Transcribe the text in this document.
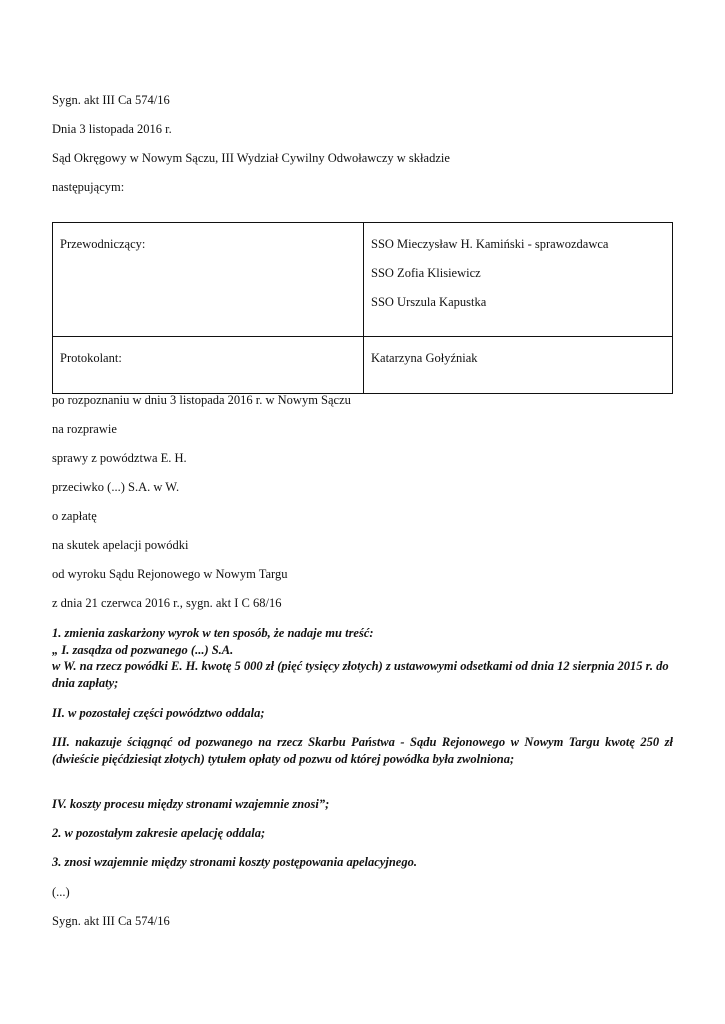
Sygn. akt III Ca 574/16
Dnia 3 listopada 2016 r.
Sąd Okręgowy w Nowym Sączu, III Wydział Cywilny Odwoławczy w składzie
następującym:

Przewodniczący:	SSO Mieczysław H. Kamiński - sprawozdawca

SSO Zofia Klisiewicz

SSO Urszula Kapustka

Protokolant:	Katarzyna Gołyźniak

po rozpoznaniu w dniu 3 listopada 2016 r. w Nowym Sączu
na rozprawie
sprawy z powództwa E. H.
przeciwko (...) S.A. w W.
o zapłatę
na skutek apelacji powódki
od wyroku Sądu Rejonowego w Nowym Targu
z dnia 21 czerwca 2016 r., sygn. akt I C 68/16

1. zmienia zaskarżony wyrok w ten sposób, że nadaje mu treść:

„ I. zasądza od pozwanego (...) S.A.

w W. na rzecz powódki E. H. kwotę 5 000 zł (pięć tysięcy złotych) z ustawowymi odsetkami od dnia 12 sierpnia 2015 r. do dnia zapłaty;

II. w pozostałej części powództwo oddala;

III. nakazuje ściągnąć od pozwanego na rzecz Skarbu Państwa - Sądu Rejonowego w Nowym Targu kwotę 250 zł (dwieście pięćdziesiąt złotych) tytułem opłaty od pozwu od której powódka była zwolniona;

IV. koszty procesu między stronami wzajemnie znosi”;

2. w pozostałym zakresie apelację oddala;

3. znosi wzajemnie między stronami koszty postępowania apelacyjnego.

(...)
Sygn. akt III Ca 574/16
